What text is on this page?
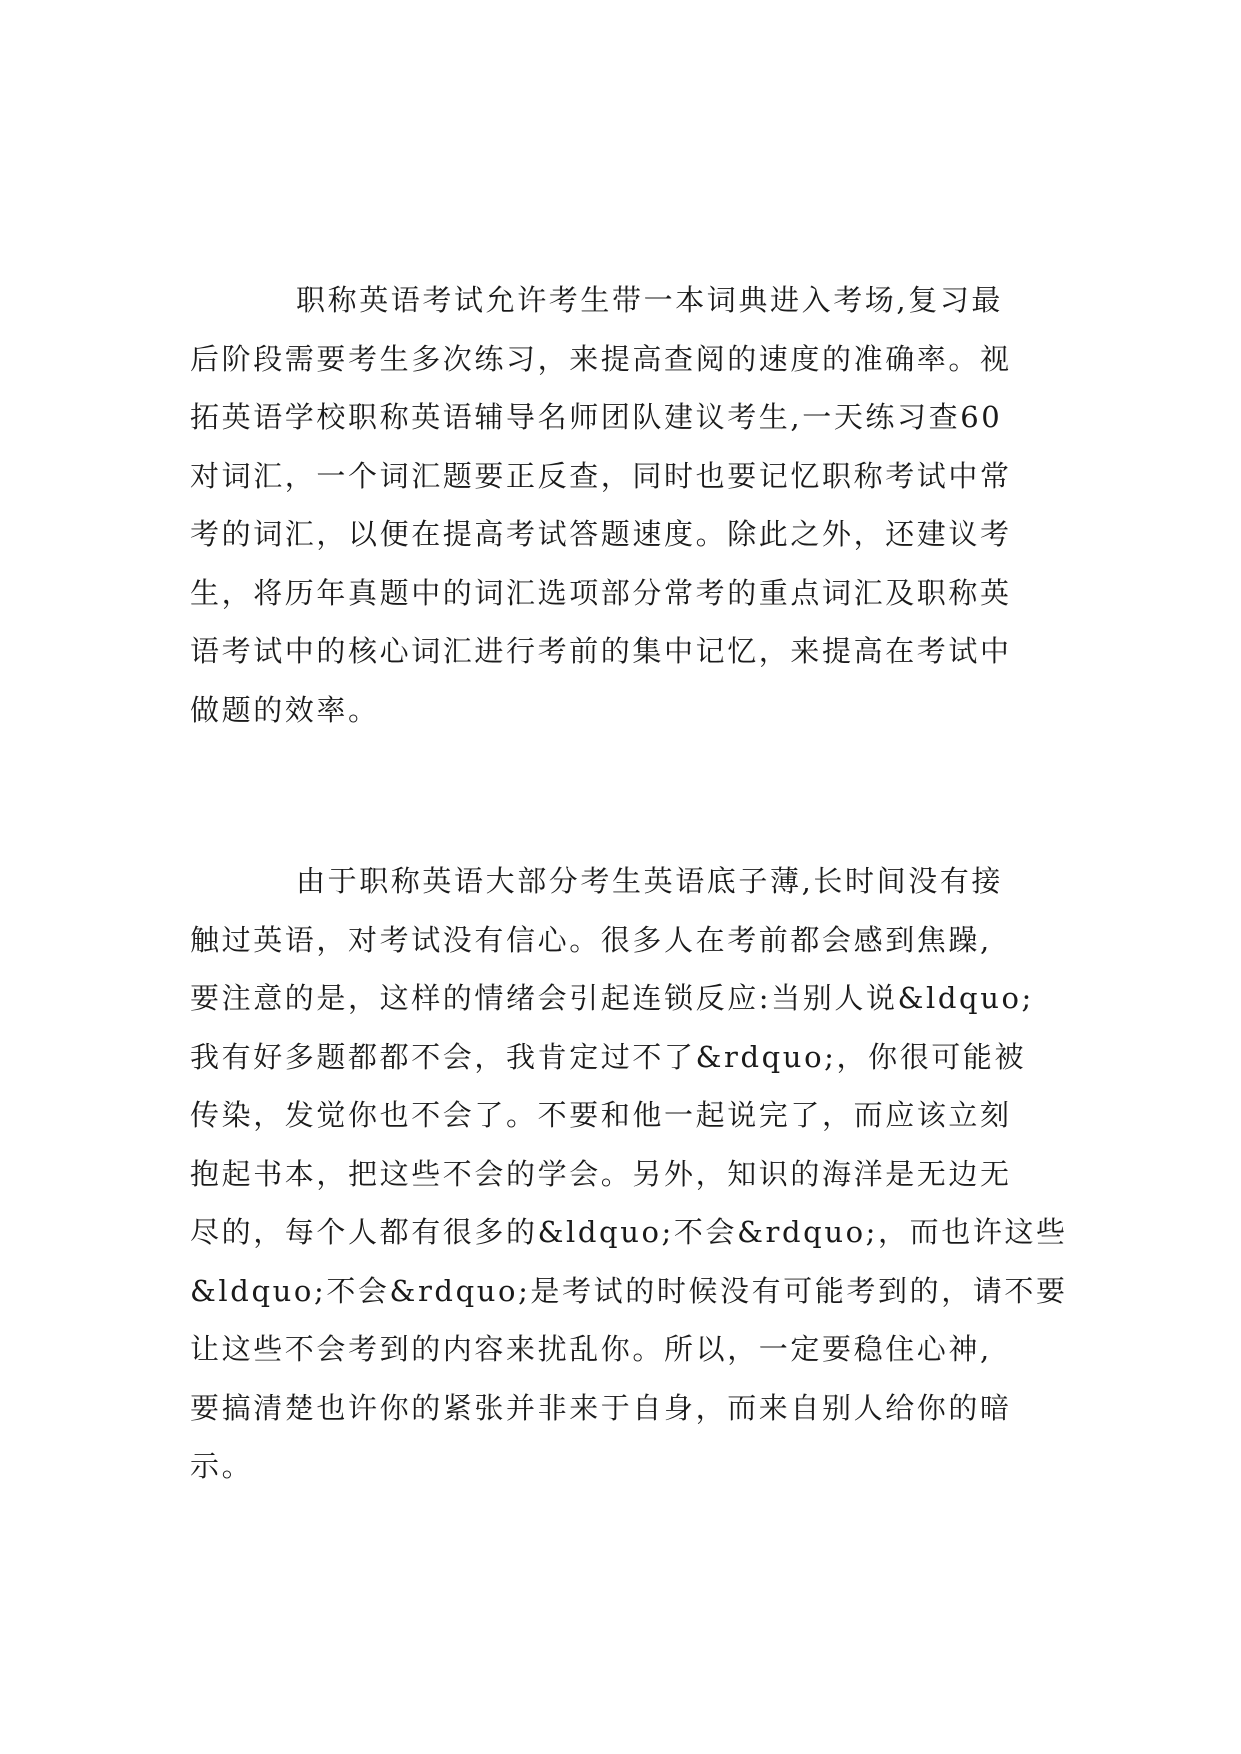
职称英语考试允许考生带一本词典进入考场,复习最
后阶段需要考生多次练习，来提高查阅的速度的准确率。视
拓英语学校职称英语辅导名师团队建议考生,一天练习查60
对词汇，一个词汇题要正反查，同时也要记忆职称考试中常
考的词汇，以便在提高考试答题速度。除此之外，还建议考
生，将历年真题中的词汇选项部分常考的重点词汇及职称英
语考试中的核心词汇进行考前的集中记忆，来提高在考试中
做题的效率。
由于职称英语大部分考生英语底子薄,长时间没有接
触过英语，对考试没有信心。很多人在考前都会感到焦躁,
要注意的是，这样的情绪会引起连锁反应:当别人说&ldquo;
我有好多题都都不会，我肯定过不了&rdquo;，你很可能被
传染，发觉你也不会了。不要和他一起说完了，而应该立刻
抱起书本，把这些不会的学会。另外，知识的海洋是无边无
尽的，每个人都有很多的&ldquo;不会&rdquo;，而也许这些
&ldquo;不会&rdquo;是考试的时候没有可能考到的，请不要
让这些不会考到的内容来扰乱你。所以，一定要稳住心神,
要搞清楚也许你的紧张并非来于自身，而来自别人给你的暗
示。
